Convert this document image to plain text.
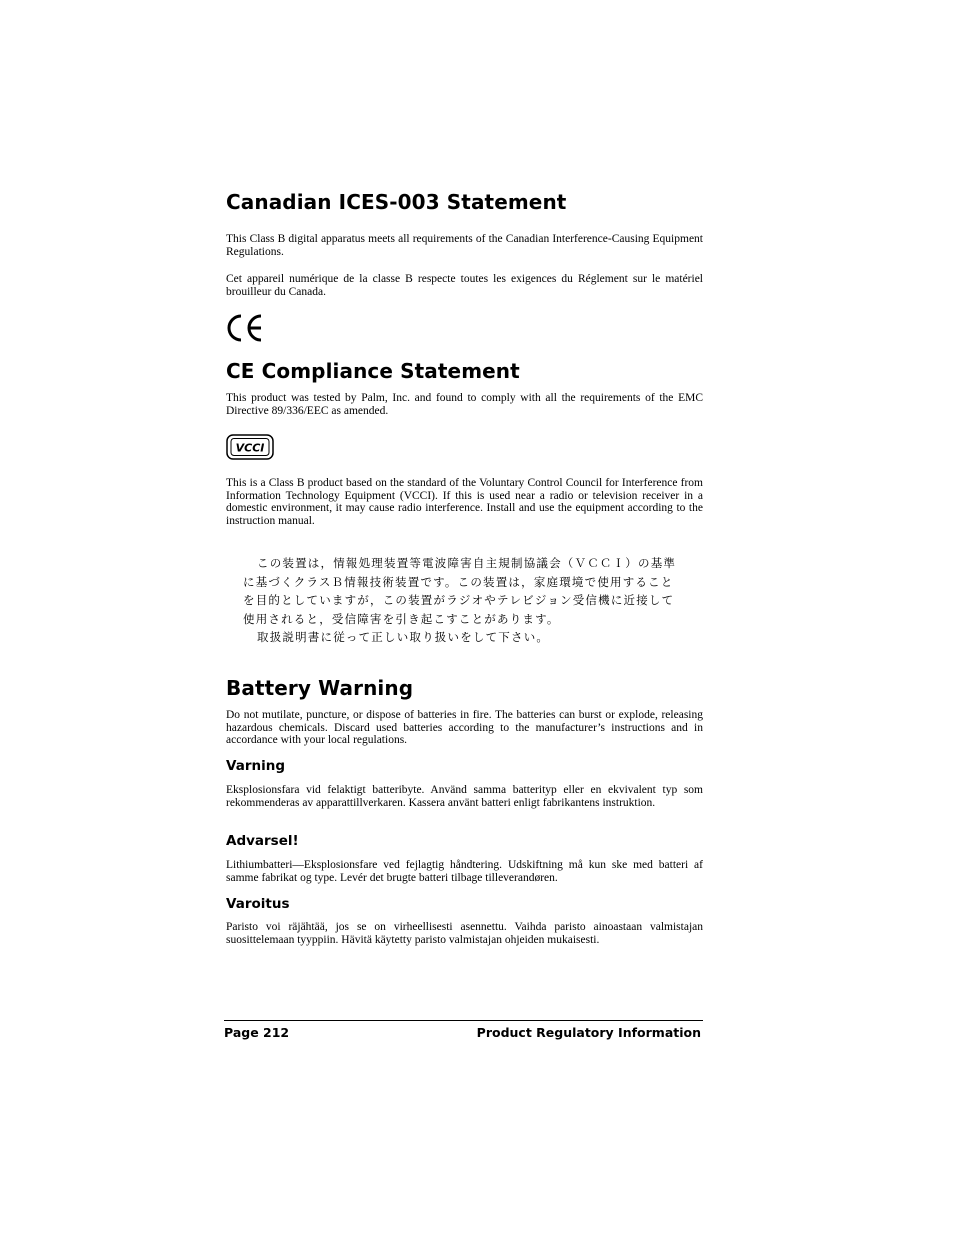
Canadian ICES-003 Statement

This Class B digital apparatus meets all requirements of the Canadian Interference-Causing Equipment Regulations.

Cet appareil numérique de la classe B respecte toutes les exigences du Réglement sur le matériel brouilleur du Canada.

CE Compliance Statement

This product was tested by Palm, Inc. and found to comply with all the requirements of the EMC Directive 89/336/EEC as amended.

VCCI

This is a Class B product based on the standard of the Voluntary Control Council for Interference from Information Technology Equipment (VCCI). If this is used near a radio or television receiver in a domestic environment, it may cause radio interference. Install and use the equipment according to the instruction manual.

この装置は，情報処理装置等電波障害自主規制協議会（ＶＣＣＩ）の基準
に基づくクラスＢ情報技術装置です。この装置は，家庭環境で使用すること
を目的としていますが，この装置がラジオやテレビジョン受信機に近接して
使用されると，受信障害を引き起こすことがあります。
取扱説明書に従って正しい取り扱いをして下さい。
Battery Warning

Do not mutilate, puncture, or dispose of batteries in fire. The batteries can burst or explode, releasing hazardous chemicals. Discard used batteries according to the manufacturer’s instructions and in accordance with your local regulations.

Varning

Eksplosionsfara vid felaktigt batteribyte. Använd samma batterityp eller en ekvivalent typ som rekommenderas av apparattillverkaren. Kassera använt batteri enligt fabrikantens instruktion.

Advarsel!

Lithiumbatteri—Eksplosionsfare ved fejlagtig håndtering. Udskiftning må kun ske med batteri af samme fabrikat og type. Levér det brugte batteri tilbage tilleverandøren.

Varoitus

Paristo voi räjähtää, jos se on virheellisesti asennettu. Vaihda paristo ainoastaan valmistajan suosittelemaan tyyppiin. Hävitä käytetty paristo valmistajan ohjeiden mukaisesti.

Page 212	Product Regulatory Information
